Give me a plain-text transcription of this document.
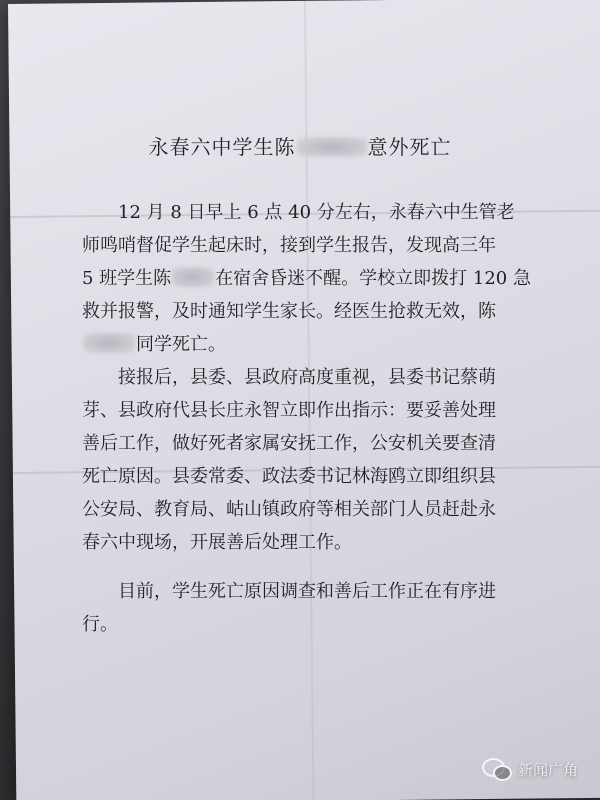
永春六中学生陈	意外死亡
12 月 8 日早上 6 点 40 分左右，永春六中生管老
师鸣哨督促学生起床时，接到学生报告，发现高三年
5 班学生陈 在宿舍昏迷不醒。学校立即拨打 120 急
救并报警，及时通知学生家长。经医生抢救无效，陈
同学死亡。
接报后，县委、县政府高度重视，县委书记蔡萌
芽、县政府代县长庄永智立即作出指示：要妥善处理
善后工作，做好死者家属安抚工作，公安机关要查清
死亡原因。县委常委、政法委书记林海鸥立即组织县
公安局、教育局、岵山镇政府等相关部门人员赶赴永
春六中现场，开展善后处理工作。
目前，学生死亡原因调查和善后工作正在有序进
行。
新闻广角
